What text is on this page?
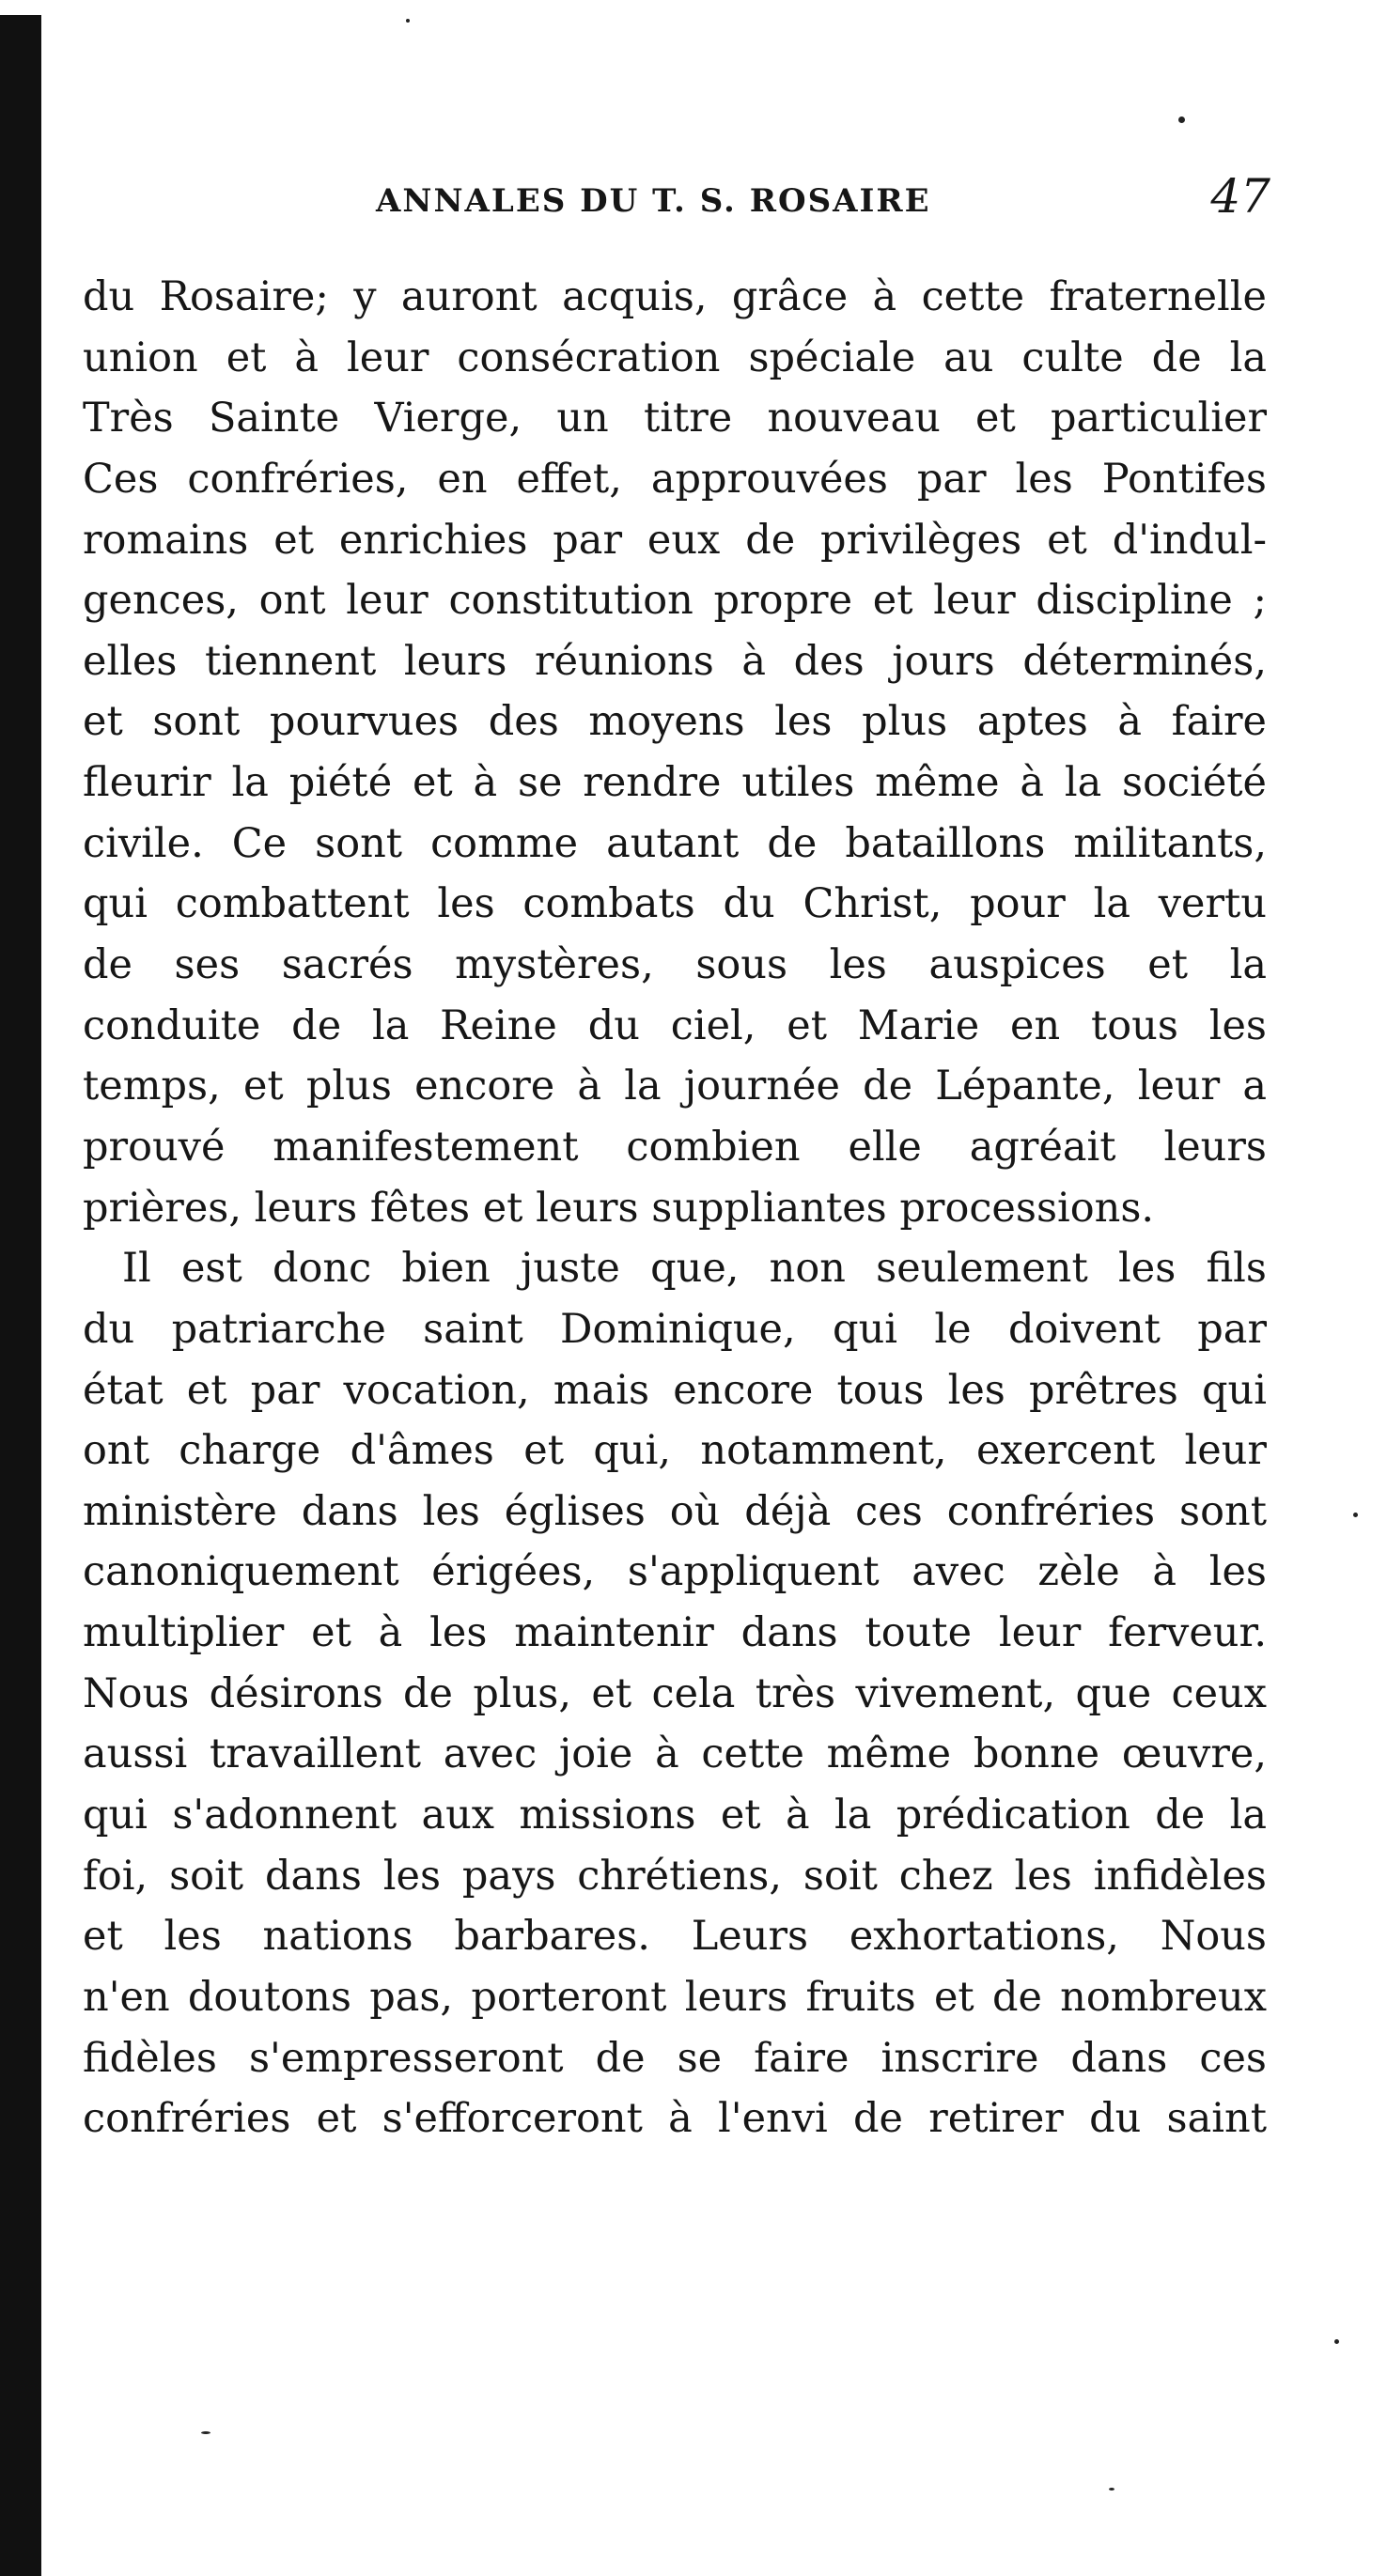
ANNALES DU T. S. ROSAIRE	47
du Rosaire; y auront acquis, grâce à cette fraternelle
union et à leur consécration spéciale au culte de la
Très Sainte Vierge, un titre nouveau et particulier
Ces confréries, en effet, approuvées par les Pontifes
romains et enrichies par eux de privilèges et d'indul-
gences, ont leur constitution propre et leur discipline ;
elles tiennent leurs réunions à des jours déterminés,
et sont pourvues des moyens les plus aptes à faire
fleurir la piété et à se rendre utiles même à la société
civile. Ce sont comme autant de bataillons militants,
qui combattent les combats du Christ, pour la vertu
de ses sacrés mystères, sous les auspices et la
conduite de la Reine du ciel, et Marie en tous les
temps, et plus encore à la journée de Lépante, leur a
prouvé manifestement combien elle agréait leurs
prières, leurs fêtes et leurs suppliantes processions.
Il est donc bien juste que, non seulement les fils
du patriarche saint Dominique, qui le doivent par
état et par vocation, mais encore tous les prêtres qui
ont charge d'âmes et qui, notamment, exercent leur
ministère dans les églises où déjà ces confréries sont
canoniquement érigées, s'appliquent avec zèle à les
multiplier et à les maintenir dans toute leur ferveur.
Nous désirons de plus, et cela très vivement, que ceux
aussi travaillent avec joie à cette même bonne œuvre,
qui s'adonnent aux missions et à la prédication de la
foi, soit dans les pays chrétiens, soit chez les infidèles
et les nations barbares. Leurs exhortations, Nous
n'en doutons pas, porteront leurs fruits et de nombreux
fidèles s'empresseront de se faire inscrire dans ces
confréries et s'efforceront à l'envi de retirer du saint
